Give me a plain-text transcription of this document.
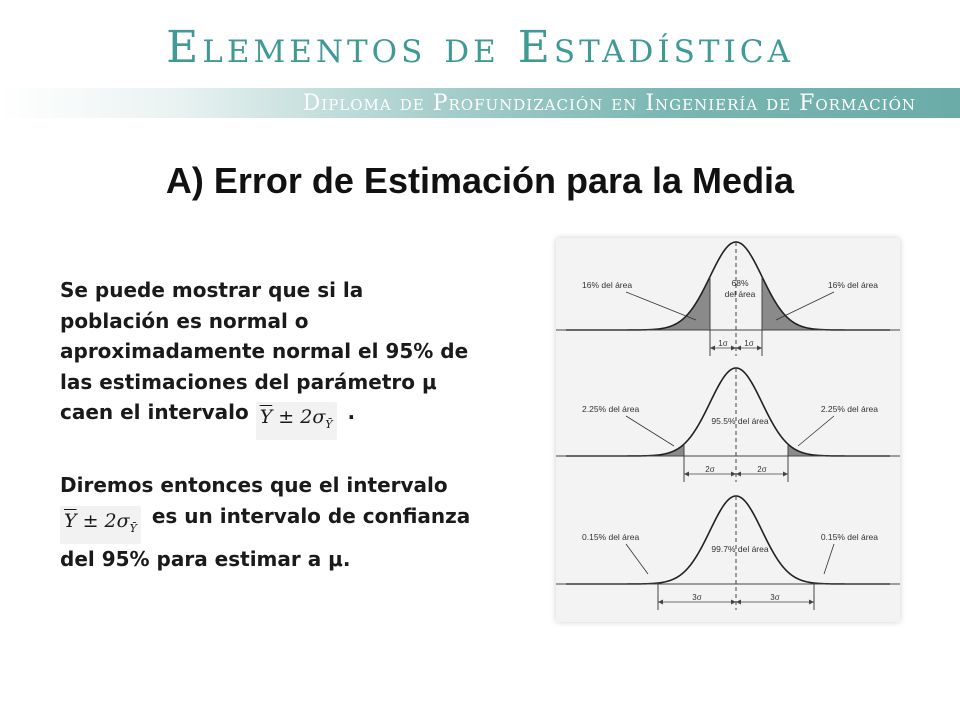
Elementos de Estadística
Diploma de Profundización en Ingeniería de Formación
A) Error de Estimación para la Media
Se puede mostrar que si la
población es normal o
aproximadamente normal el 95% de
las estimaciones del parámetro μ
caen el intervalo $\overline{Y} \pm 2\sigma_Ȳ$ .
Diremos entonces que el intervalo
$\overline{Y} \pm 2\sigma_Ȳ$ es un intervalo de confianza
del 95% para estimar a μ.
1σ 1σ
68%
del área
16% del área	16% del área
2σ	2σ
95.5% del área
2.25% del área	2.25% del área
3σ	3σ
99.7% del área
0.15% del área	0.15% del área
